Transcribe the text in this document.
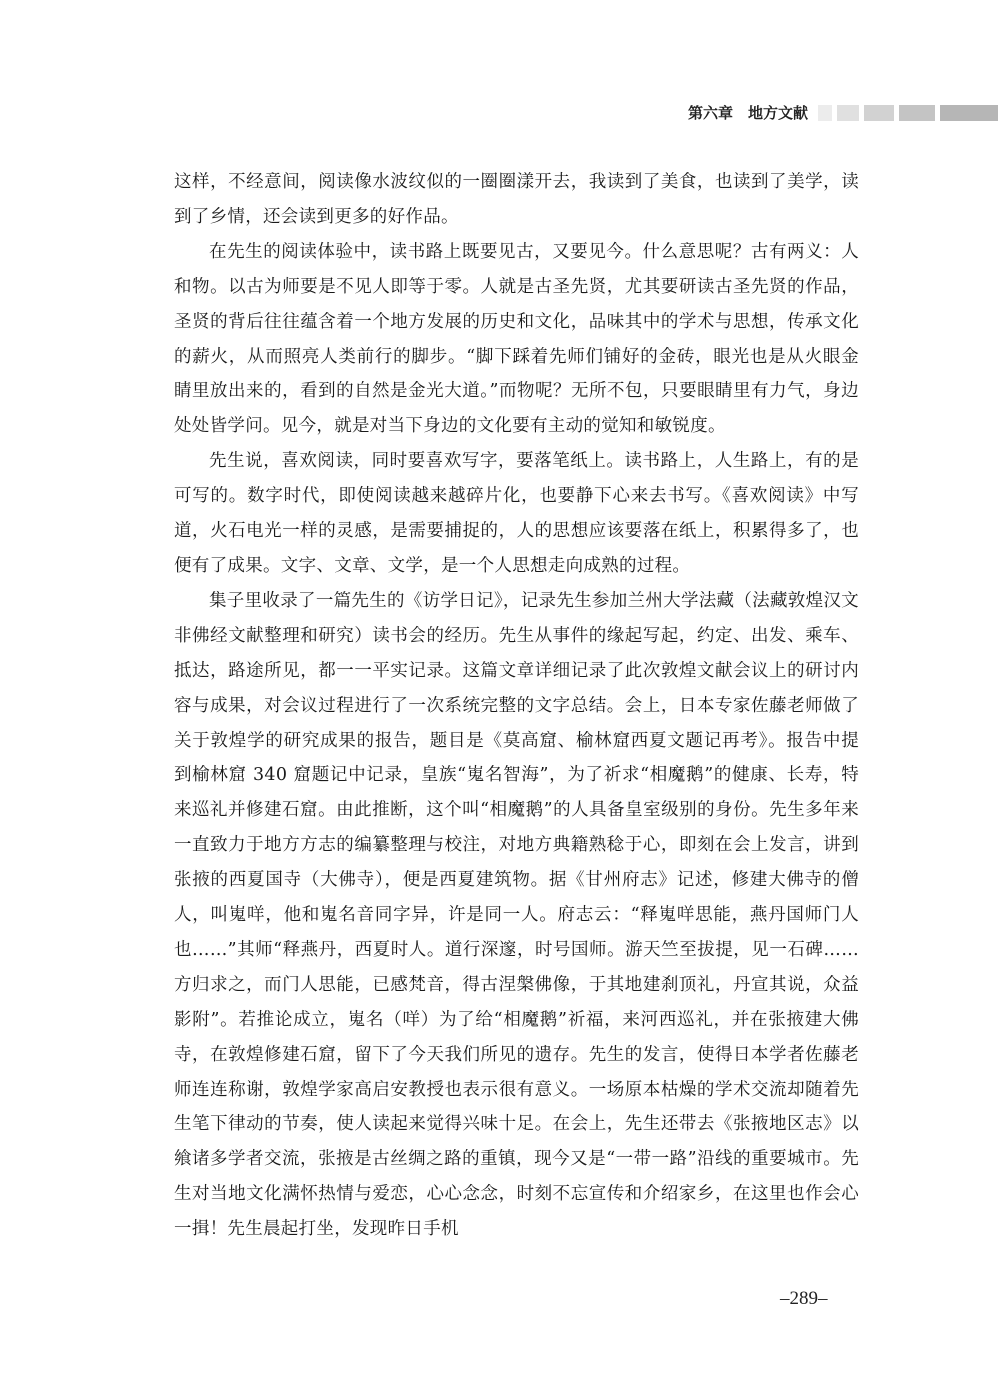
第六章　地方文献

这样，不经意间，阅读像水波纹似的一圈圈漾开去，我读到了美食，也读到了美学，读到了乡情，还会读到更多的好作品。

在先生的阅读体验中，读书路上既要见古，又要见今。什么意思呢？古有两义：人和物。以古为师要是不见人即等于零。人就是古圣先贤，尤其要研读古圣先贤的作品，圣贤的背后往往蕴含着一个地方发展的历史和文化，品味其中的学术与思想，传承文化的薪火，从而照亮人类前行的脚步。“脚下踩着先师们铺好的金砖，眼光也是从火眼金睛里放出来的，看到的自然是金光大道。”而物呢？无所不包，只要眼睛里有力气，身边处处皆学问。见今，就是对当下身边的文化要有主动的觉知和敏锐度。

先生说，喜欢阅读，同时要喜欢写字，要落笔纸上。读书路上，人生路上，有的是可写的。数字时代，即使阅读越来越碎片化，也要静下心来去书写。《喜欢阅读》中写道，火石电光一样的灵感，是需要捕捉的，人的思想应该要落在纸上，积累得多了，也便有了成果。文字、文章、文学，是一个人思想走向成熟的过程。

集子里收录了一篇先生的《访学日记》，记录先生参加兰州大学法藏（法藏敦煌汉文非佛经文献整理和研究）读书会的经历。先生从事件的缘起写起，约定、出发、乘车、抵达，路途所见，都一一平实记录。这篇文章详细记录了此次敦煌文献会议上的研讨内容与成果，对会议过程进行了一次系统完整的文字总结。会上，日本专家佐藤老师做了关于敦煌学的研究成果的报告，题目是《莫高窟、榆林窟西夏文题记再考》。报告中提到榆林窟 340 窟题记中记录，皇族“嵬名智海”，为了祈求“相魔鹅”的健康、长寿，特来巡礼并修建石窟。由此推断，这个叫“相魔鹅”的人具备皇室级别的身份。先生多年来一直致力于地方方志的编纂整理与校注，对地方典籍熟稔于心，即刻在会上发言，讲到张掖的西夏国寺（大佛寺），便是西夏建筑物。据《甘州府志》记述，修建大佛寺的僧人，叫嵬咩，他和嵬名音同字异，许是同一人。府志云：“释嵬咩思能，燕丹国师门人也……”其师“释燕丹，西夏时人。道行深邃，时号国师。游天竺至拔提，见一石碑……方归求之，而门人思能，已感梵音，得古涅槃佛像，于其地建刹顶礼，丹宣其说，众益影附”。若推论成立，嵬名（咩）为了给“相魔鹅”祈福，来河西巡礼，并在张掖建大佛寺，在敦煌修建石窟，留下了今天我们所见的遗存。先生的发言，使得日本学者佐藤老师连连称谢，敦煌学家高启安教授也表示很有意义。一场原本枯燥的学术交流却随着先生笔下律动的节奏，使人读起来觉得兴味十足。在会上，先生还带去《张掖地区志》以飨诸多学者交流，张掖是古丝绸之路的重镇，现今又是“一带一路”沿线的重要城市。先生对当地文化满怀热情与爱恋，心心念念，时刻不忘宣传和介绍家乡，在这里也作会心一揖！先生晨起打坐，发现昨日手机

–289–
